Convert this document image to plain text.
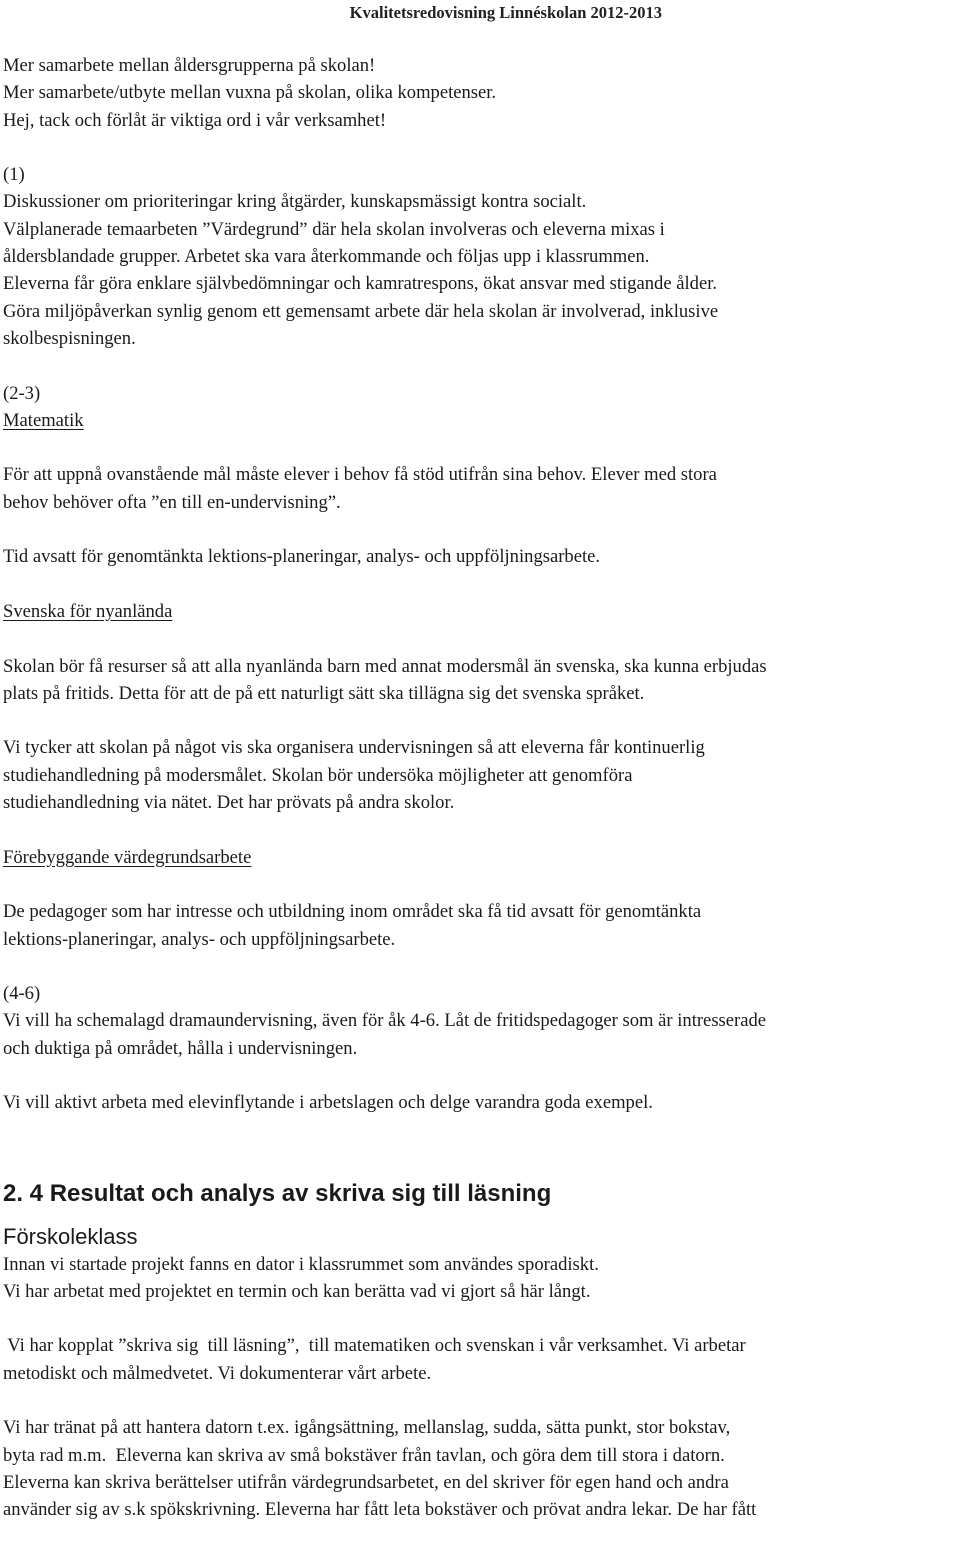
Kvalitetsredovisning Linnéskolan 2012-2013
Mer samarbete mellan åldersgrupperna på skolan!
Mer samarbete/utbyte mellan vuxna på skolan, olika kompetenser.
Hej, tack och förlåt är viktiga ord i vår verksamhet!
(1)
Diskussioner om prioriteringar kring åtgärder, kunskapsmässigt kontra socialt.
Välplanerade temaarbeten ”Värdegrund” där hela skolan involveras och eleverna mixas i
åldersblandade grupper. Arbetet ska vara återkommande och följas upp i klassrummen.
Eleverna får göra enklare självbedömningar och kamratrespons, ökat ansvar med stigande ålder.
Göra miljöpåverkan synlig genom ett gemensamt arbete där hela skolan är involverad, inklusive
skolbespisningen.
(2-3)
Matematik
För att uppnå ovanstående mål måste elever i behov få stöd utifrån sina behov. Elever med stora
behov behöver ofta ”en till en-undervisning”.
Tid avsatt för genomtänkta lektions-planeringar, analys- och uppföljningsarbete.
Svenska för nyanlända
Skolan bör få resurser så att alla nyanlända barn med annat modersmål än svenska, ska kunna erbjudas
plats på fritids. Detta för att de på ett naturligt sätt ska tillägna sig det svenska språket.
Vi tycker att skolan på något vis ska organisera undervisningen så att eleverna får kontinuerlig
studiehandledning på modersmålet. Skolan bör undersöka möjligheter att genomföra
studiehandledning via nätet. Det har prövats på andra skolor.
Förebyggande värdegrundsarbete
De pedagoger som har intresse och utbildning inom området ska få tid avsatt för genomtänkta
lektions-planeringar, analys- och uppföljningsarbete.
(4-6)
Vi vill ha schemalagd dramaundervisning, även för åk 4-6. Låt de fritidspedagoger som är intresserade
och duktiga på området, hålla i undervisningen.
Vi vill aktivt arbeta med elevinflytande i arbetslagen och delge varandra goda exempel.
2. 4 Resultat och analys av skriva sig till läsning
Förskoleklass
Innan vi startade projekt fanns en dator i klassrummet som användes sporadiskt.
Vi har arbetat med projektet en termin och kan berätta vad vi gjort så här långt.
Vi har kopplat ”skriva sig  till läsning”,  till matematiken och svenskan i vår verksamhet. Vi arbetar
metodiskt och målmedvetet. Vi dokumenterar vårt arbete.
Vi har tränat på att hantera datorn t.ex. igångsättning, mellanslag, sudda, sätta punkt, stor bokstav,
byta rad m.m.  Eleverna kan skriva av små bokstäver från tavlan, och göra dem till stora i datorn.
Eleverna kan skriva berättelser utifrån värdegrundsarbetet, en del skriver för egen hand och andra
använder sig av s.k spökskrivning. Eleverna har fått leta bokstäver och prövat andra lekar. De har fått
